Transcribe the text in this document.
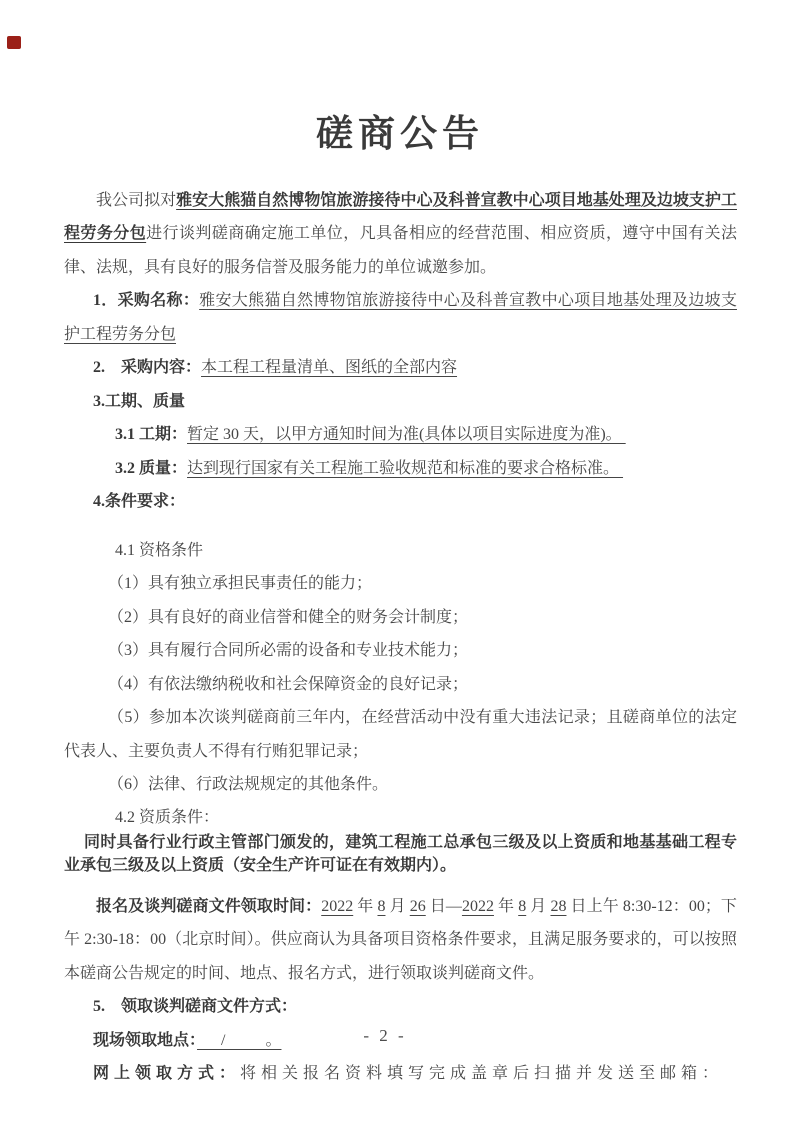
磋商公告

我公司拟对雅安大熊猫自然博物馆旅游接待中心及科普宣教中心项目地基处理及边坡支护工程劳务分包进行谈判磋商确定施工单位，凡具备相应的经营范围、相应资质，遵守中国有关法律、法规，具有良好的服务信誉及服务能力的单位诚邀参加。

1．采购名称：雅安大熊猫自然博物馆旅游接待中心及科普宣教中心项目地基处理及边坡支护工程劳务分包

2.　采购内容：本工程工程量清单、图纸的全部内容

3.工期、质量

3.1 工期：暂定 30 天，以甲方通知时间为准(具体以项目实际进度为准)。

3.2 质量：达到现行国家有关工程施工验收规范和标准的要求合格标准。

4.条件要求：

4.1 资格条件

（1）具有独立承担民事责任的能力；

（2）具有良好的商业信誉和健全的财务会计制度；

（3）具有履行合同所必需的设备和专业技术能力；

（4）有依法缴纳税收和社会保障资金的良好记录；

（5）参加本次谈判磋商前三年内，在经营活动中没有重大违法记录；且磋商单位的法定代表人、主要负责人不得有行贿犯罪记录；

（6）法律、行政法规规定的其他条件。

4.2 资质条件：

同时具备行业行政主管部门颁发的，建筑工程施工总承包三级及以上资质和地基基础工程专业承包三级及以上资质（安全生产许可证在有效期内）。

报名及谈判磋商文件领取时间：2022 年 8 月 26 日—2022 年 8 月 28 日上午 8:30-12：00；下午 2:30-18：00（北京时间）。供应商认为具备项目资格条件要求，且满足服务要求的，可以按照本磋商公告规定的时间、地点、报名方式，进行领取谈判磋商文件。

5.　领取谈判磋商文件方式：

现场领取地点：　 /　　 。

网上领取方式：将相关报名资料填写完成盖章后扫描并发送至邮箱：

- 2 -
